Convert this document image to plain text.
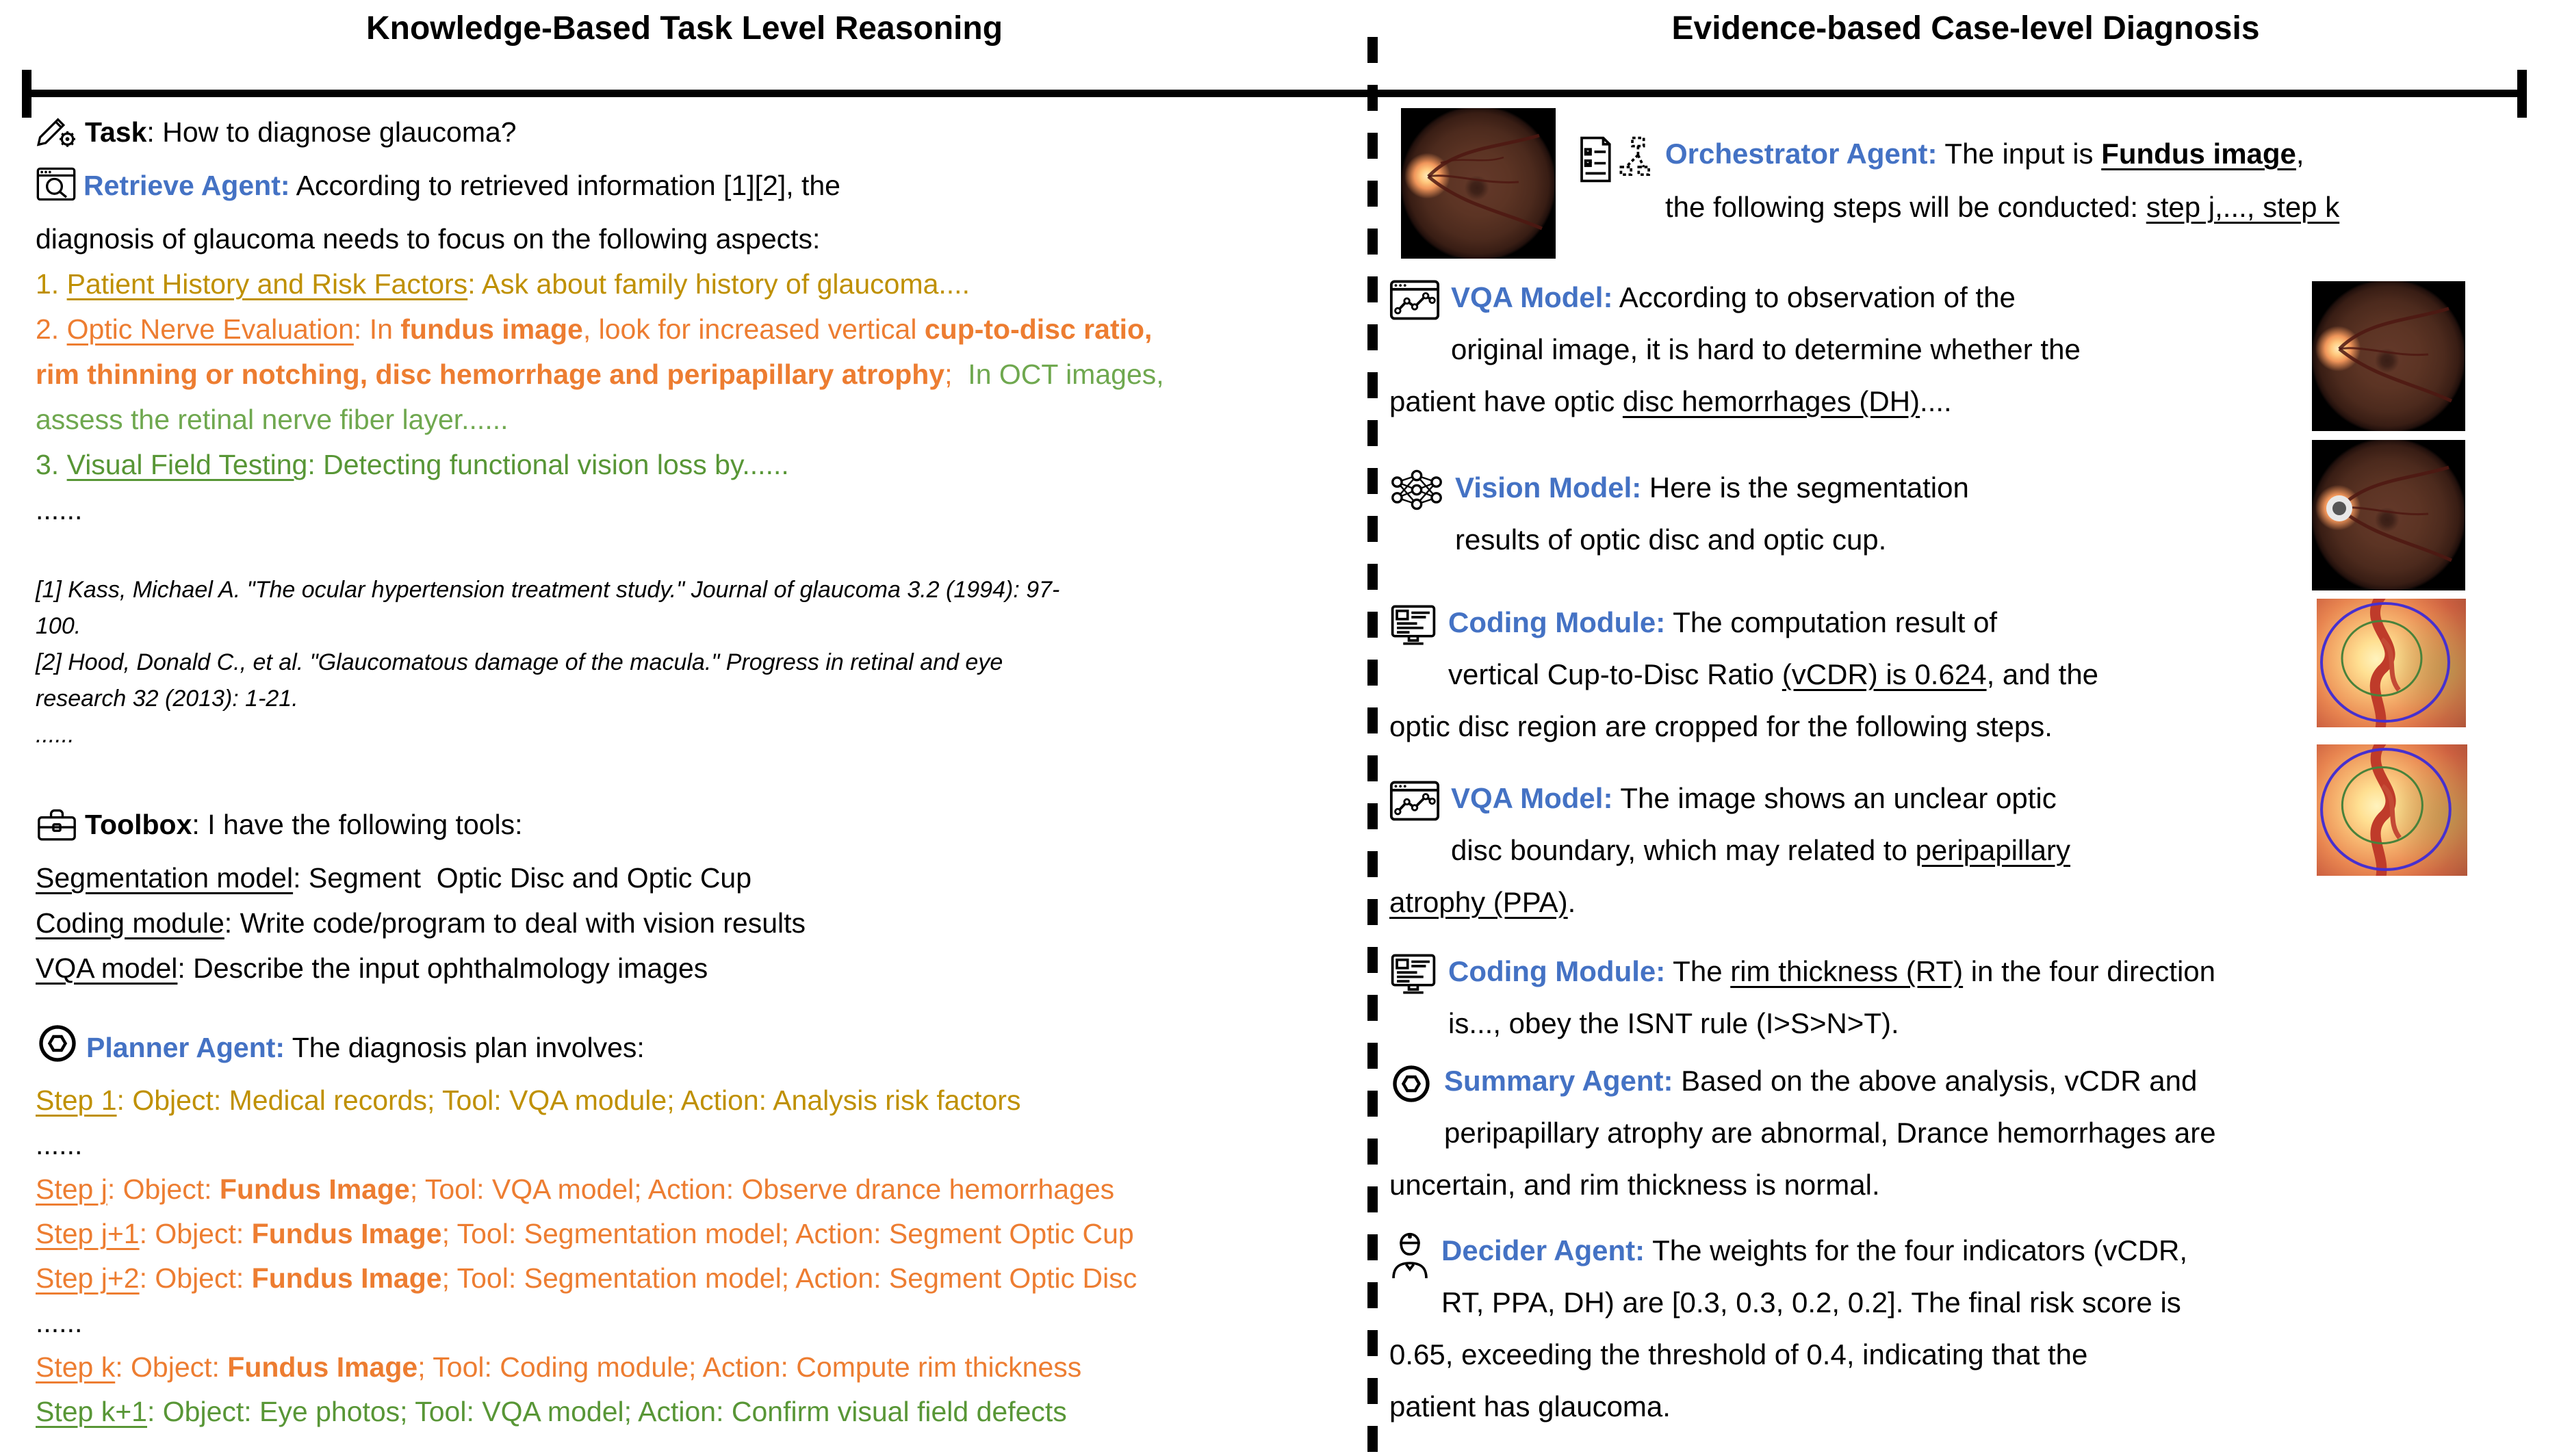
Knowledge-Based Task Level Reasoning	Evidence-based Case-level Diagnosis
Task: How to diagnose glaucoma?
Retrieve Agent: According to retrieved information [1][2], the
diagnosis of glaucoma needs to focus on the following aspects:
1. Patient History and Risk Factors: Ask about family history of glaucoma....
2. Optic Nerve Evaluation: In fundus image, look for increased vertical cup-to-disc ratio,
rim thinning or notching, disc hemorrhage and peripapillary atrophy;  In OCT images,
assess the retinal nerve fiber layer......
3. Visual Field Testing: Detecting functional vision loss by......
......
[1] Kass, Michael A. "The ocular hypertension treatment study." Journal of glaucoma 3.2 (1994): 97-
100.
[2] Hood, Donald C., et al. "Glaucomatous damage of the macula." Progress in retinal and eye
research 32 (2013): 1-21.
......
Toolbox: I have the following tools:
Segmentation model: Segment  Optic Disc and Optic Cup
Coding module: Write code/program to deal with vision results
VQA model: Describe the input ophthalmology images
Planner Agent: The diagnosis plan involves:
Step 1: Object: Medical records; Tool: VQA module; Action: Analysis risk factors
......
Step j: Object: Fundus Image; Tool: VQA model; Action: Observe drance hemorrhages
Step j+1: Object: Fundus Image; Tool: Segmentation model; Action: Segment Optic Cup
Step j+2: Object: Fundus Image; Tool: Segmentation model; Action: Segment Optic Disc
......
Step k: Object: Fundus Image; Tool: Coding module; Action: Compute rim thickness
Step k+1: Object: Eye photos; Tool: VQA model; Action: Confirm visual field defects
Orchestrator Agent: The input is Fundus image,
the following steps will be conducted: step j,..., step k
VQA Model: According to observation of the
original image, it is hard to determine whether the
patient have optic disc hemorrhages (DH)....
Vision Model: Here is the segmentation
results of optic disc and optic cup.
Coding Module: The computation result of
vertical Cup-to-Disc Ratio (vCDR) is 0.624, and the
optic disc region are cropped for the following steps.
VQA Model: The image shows an unclear optic
disc boundary, which may related to peripapillary
atrophy (PPA).
Coding Module: The rim thickness (RT) in the four direction
is..., obey the ISNT rule (I>S>N>T).
Summary Agent: Based on the above analysis, vCDR and
peripapillary atrophy are abnormal, Drance hemorrhages are
uncertain, and rim thickness is normal.
Decider Agent: The weights for the four indicators (vCDR,
RT, PPA, DH) are [0.3, 0.3, 0.2, 0.2]. The final risk score is
0.65, exceeding the threshold of 0.4, indicating that the
patient has glaucoma.
